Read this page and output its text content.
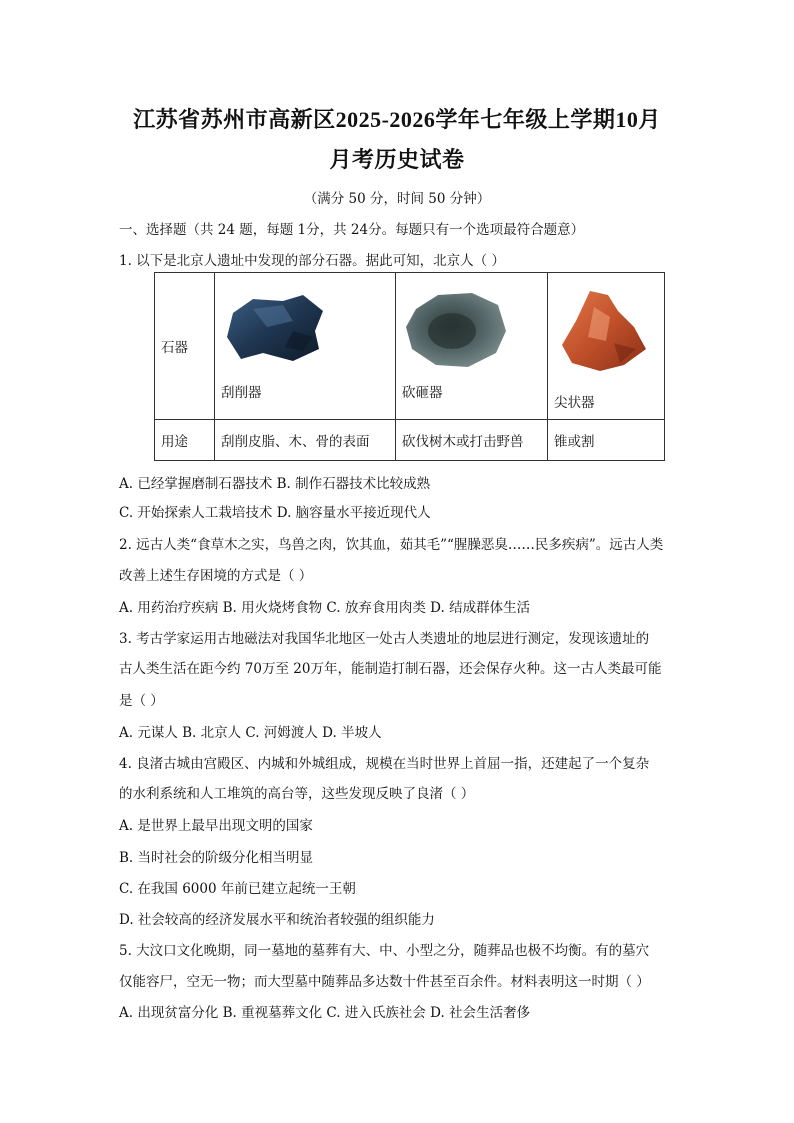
江苏省苏州市高新区2025-2026学年七年级上学期10月
月考历史试卷
（满分 50 分，时间 50 分钟）
一、选择题（共 24 题，每题 1分，共 24分。每题只有一个选项最符合题意）
1. 以下是北京人遗址中发现的部分石器。据此可知，北京人（ ）
石器	刮削器	砍砸器	尖状器

用途	刮削皮脂、木、骨的表面	砍伐树木或打击野兽	锥或割
A. 已经掌握磨制石器技术 B. 制作石器技术比较成熟
C. 开始探索人工栽培技术 D. 脑容量水平接近现代人
2. 远古人类“食草木之实，鸟兽之肉，饮其血，茹其毛”“腥臊恶臭……民多疾病”。远古人类
改善上述生存困境的方式是（ ）
A. 用药治疗疾病 B. 用火烧烤食物 C. 放弃食用肉类 D. 结成群体生活
3. 考古学家运用古地磁法对我国华北地区一处古人类遗址的地层进行测定，发现该遗址的
古人类生活在距今约 70万至 20万年，能制造打制石器，还会保存火种。这一古人类最可能
是（ ）
A. 元谋人 B. 北京人 C. 河姆渡人 D. 半坡人
4. 良渚古城由宫殿区、内城和外城组成，规模在当时世界上首屈一指，还建起了一个复杂
的水利系统和人工堆筑的高台等，这些发现反映了良渚（ ）
A. 是世界上最早出现文明的国家
B. 当时社会的阶级分化相当明显
C. 在我国 6000 年前已建立起统一王朝
D. 社会较高的经济发展水平和统治者较强的组织能力
5. 大汶口文化晚期，同一墓地的墓葬有大、中、小型之分，随葬品也极不均衡。有的墓穴
仅能容尸，空无一物；而大型墓中随葬品多达数十件甚至百余件。材料表明这一时期（ ）
A. 出现贫富分化 B. 重视墓葬文化 C. 进入氏族社会 D. 社会生活奢侈
